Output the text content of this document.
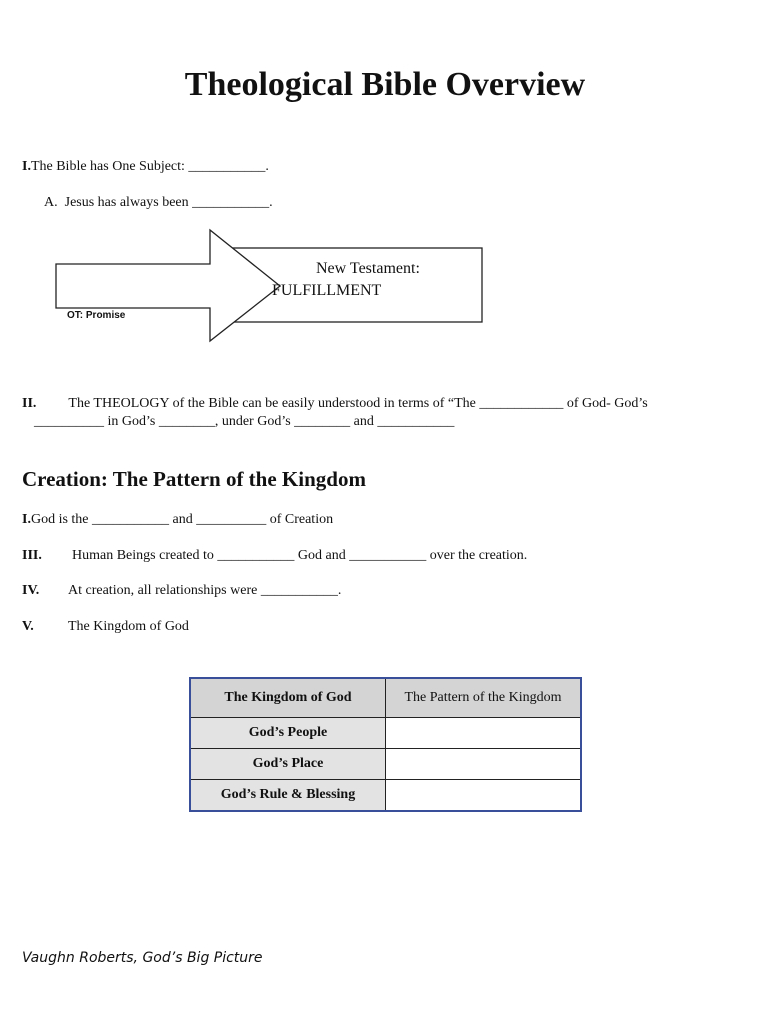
Theological Bible Overview
I.The Bible has One Subject: ___________.
A. Jesus has always been ___________.
New Testament:
FULFILLMENT
OT: Promise
II. The THEOLOGY of the Bible can be easily understood in terms of “The ____________ of God- God’s
__________ in God’s ________, under God’s ________ and ___________
Creation: The Pattern of the Kingdom
I.God is the ___________ and __________ of Creation
III. Human Beings created to ___________ God and ___________ over the creation.
IV. At creation, all relationships were ___________.
V. The Kingdom of God
The Kingdom of God	The Pattern of the Kingdom
God’s People	
God’s Place	
God’s Rule & Blessing	
Vaughn Roberts, God’s Big Picture
